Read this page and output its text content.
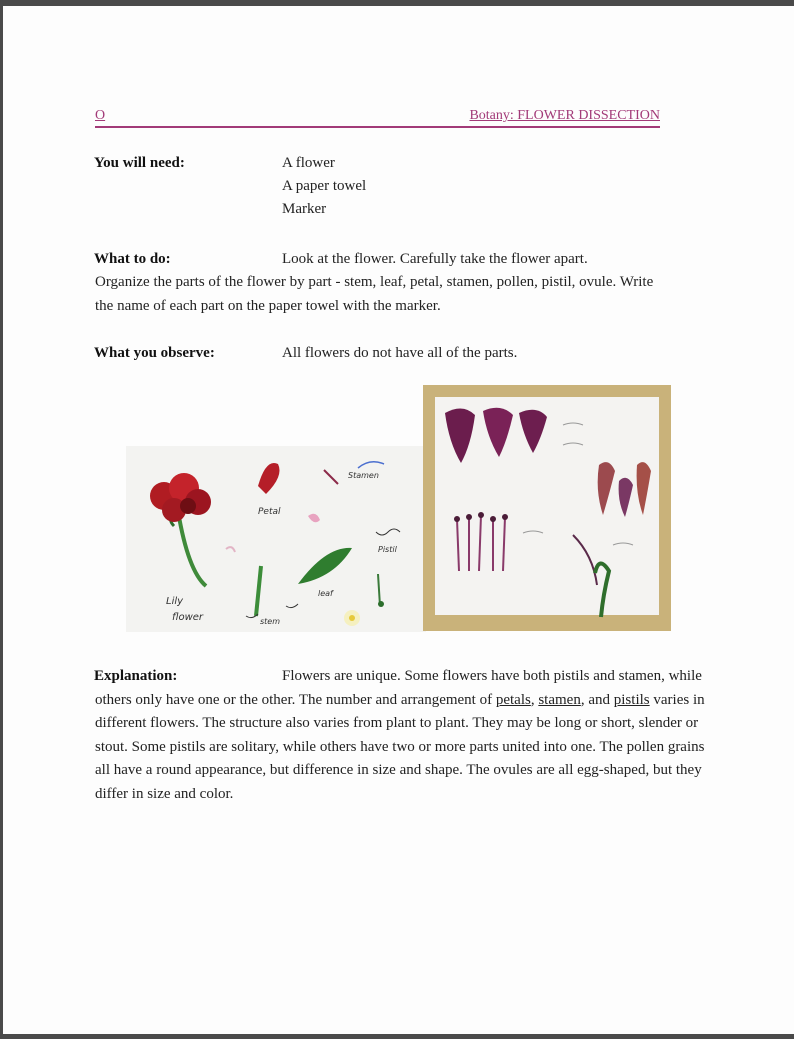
O	Botany: FLOWER DISSECTION
You will need:	A flower
A paper towel
Marker
What to do:	Look at the flower. Carefully take the flower apart.
Organize the parts of the flower by part - stem, leaf, petal, stamen, pollen, pistil, ovule. Write the name of each part on the paper towel with the marker.
What you observe:	All flowers do not have all of the parts.
Lily
flower
Petal
Stamen
stem
leaf
Pistil
Explanation:	Flowers are unique. Some flowers have both pistils and stamen, while others only have one or the other. The number and arrangement of petals, stamen, and pistils varies in different flowers. The structure also varies from plant to plant. They may be long or short, slender or stout. Some pistils are solitary, while others have two or more parts united into one. The pollen grains all have a round appearance, but difference in size and shape. The ovules are all egg-shaped, but they differ in size and color.
